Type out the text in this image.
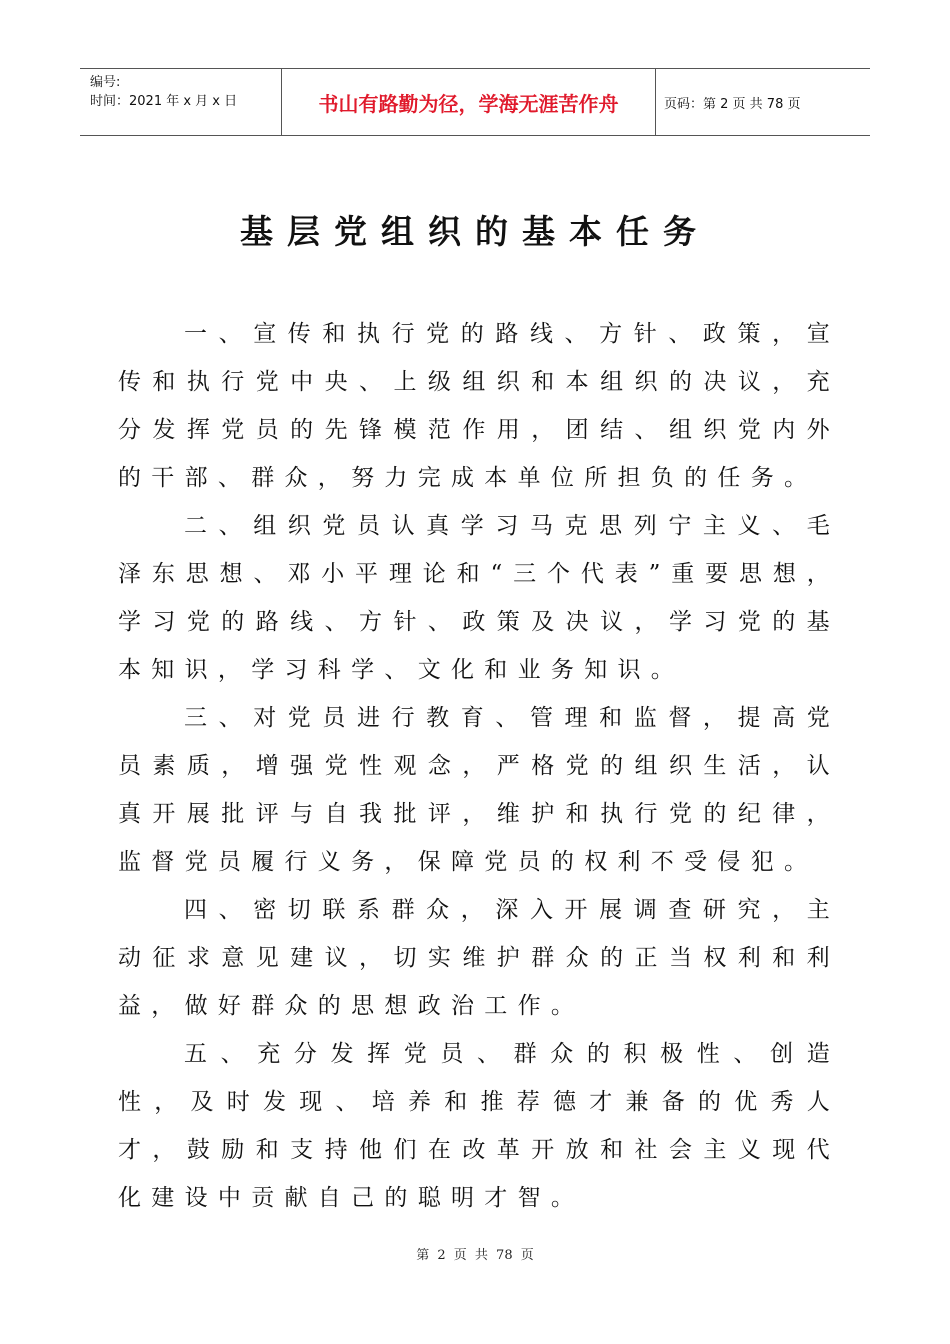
编号:
时间：2021 年 x 月 x 日	书山有路勤为径，学海无涯苦作舟	页码：第 2 页 共 78 页
基层党组织的基本任务

一、宣传和执行党的路线、方针、政策，宣传和执行党中央、上级组织和本组织的决议，充分发挥党员的先锋模范作用，团结、组织党内外的干部、群众，努力完成本单位所担负的任务。

二、组织党员认真学习马克思列宁主义、毛泽东思想、邓小平理论和“三个代表”重要思想，学习党的路线、方针、政策及决议，学习党的基本知识，学习科学、文化和业务知识。

三、对党员进行教育、管理和监督，提高党员素质，增强党性观念，严格党的组织生活，认真开展批评与自我批评，维护和执行党的纪律，监督党员履行义务，保障党员的权利不受侵犯。

四、密切联系群众，深入开展调查研究，主动征求意见建议，切实维护群众的正当权利和利益，做好群众的思想政治工作。

五、充分发挥党员、群众的积极性、创造性，及时发现、培养和推荐德才兼备的优秀人才，鼓励和支持他们在改革开放和社会主义现代化建设中贡献自己的聪明才智。

第 2 页 共 78 页
